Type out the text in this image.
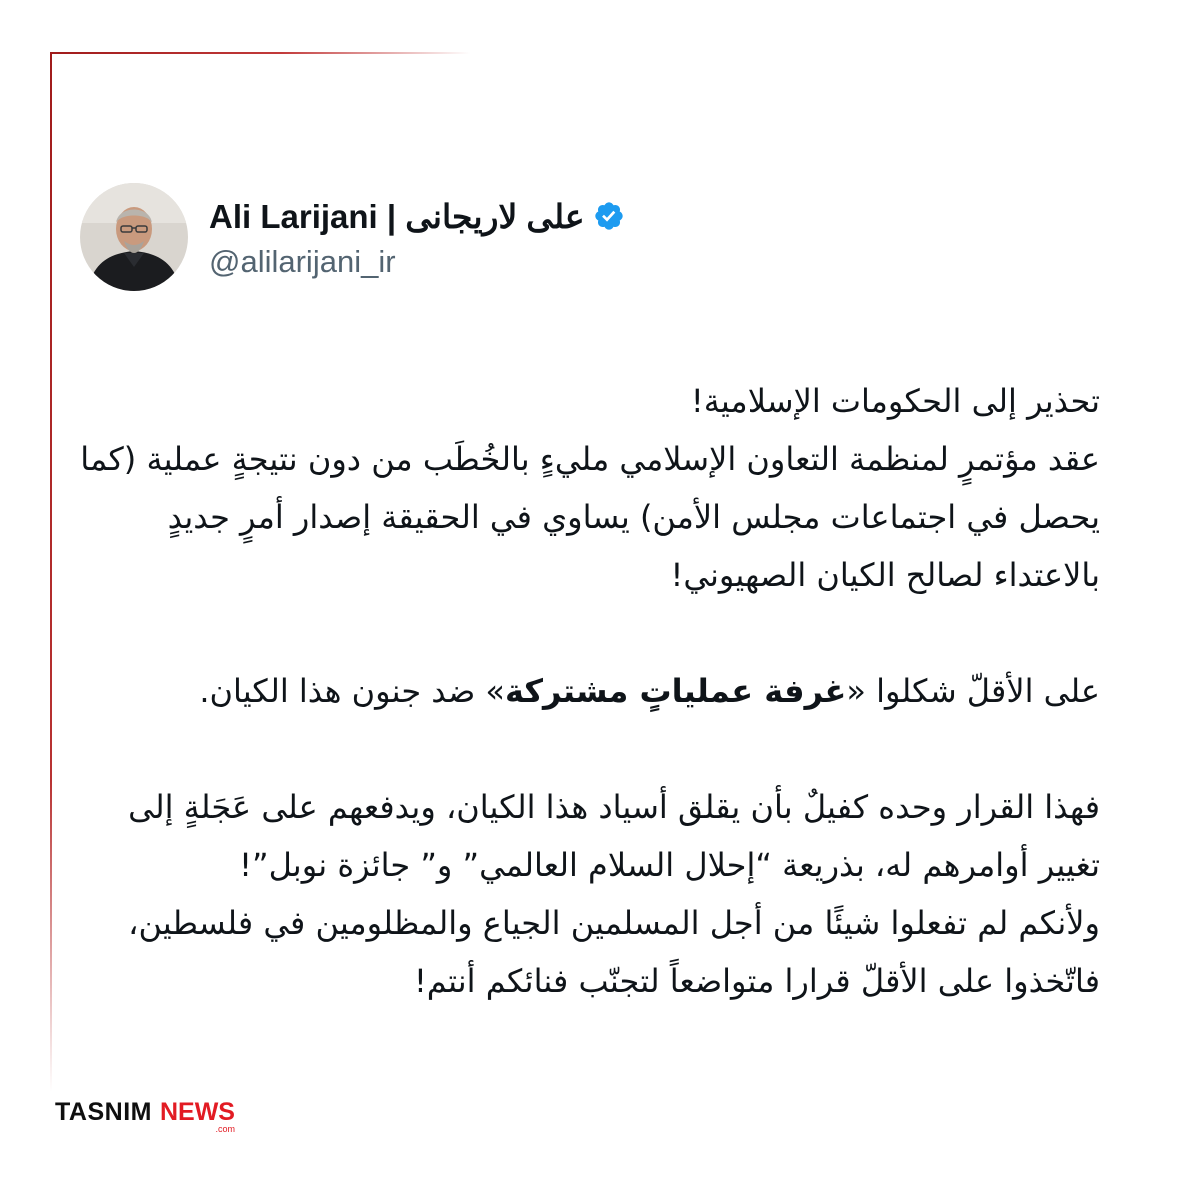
Ali Larijani | على لاريجانى
@alilarijani_ir

تحذير إلى الحكومات الإسلامية!
عقد مؤتمرٍ لمنظمة التعاون الإسلامي مليءٍ بالخُطَب من دون نتيجةٍ عملية (كما يحصل في اجتماعات مجلس الأمن) يساوي في الحقيقة إصدار أمرٍ جديدٍ بالاعتداء لصالح الكيان الصهيوني!

على الأقلّ شكلوا «غرفة عملياتٍ مشتركة» ضد جنون هذا الكيان.

فهذا القرار وحده كفيلٌ بأن يقلق أسياد هذا الكيان، ويدفعهم على عَجَلةٍ إلى تغيير أوامرهم له، بذريعة “إحلال السلام العالمي” و” جائزة نوبل”!
ولأنكم لم تفعلوا شيئًا من أجل المسلمين الجياع والمظلومين في فلسطين، فاتّخذوا على الأقلّ قرارا متواضعاً لتجنّب فنائكم أنتم!

TASNIM NEWS
.com
